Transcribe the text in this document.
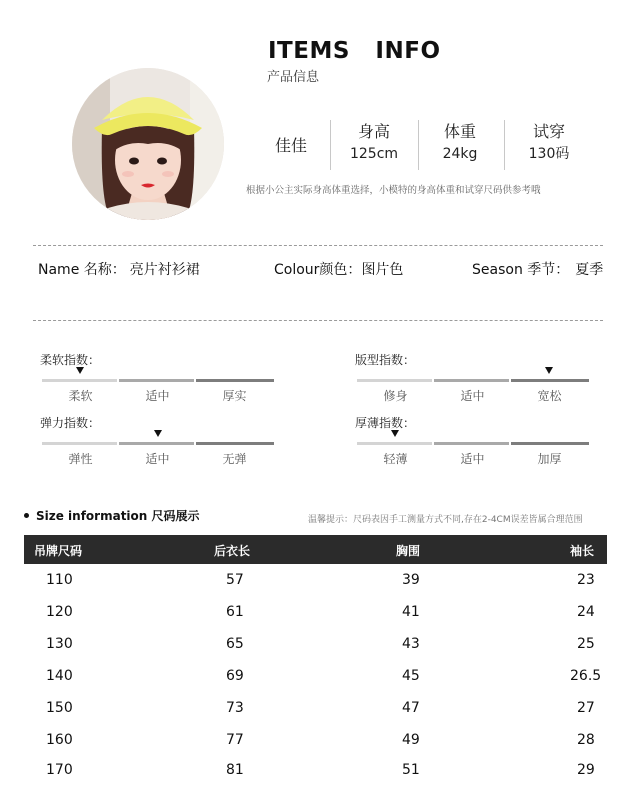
ITEMS   INFO
产品信息
佳佳
身高
125cm
体重
24kg
试穿
130码
根据小公主实际身高体重选择，小模特的身高体重和试穿尺码供参考哦
Name 名称： 亮片衬衫裙	Colour颜色：图片色	Season 季节： 夏季
柔软指数：
柔软	适中	厚实
版型指数：
修身	适中	宽松
弹力指数：
弹性	适中	无弹
厚薄指数：
轻薄	适中	加厚
Size information 尺码展示	温馨提示：尺码表因手工测量方式不同,存在2-4CM误差皆属合理范围
吊牌尺码	后衣长	胸围	袖长
110	57	39	23
120	61	41	24
130	65	43	25
140	69	45	26.5
150	73	47	27
160	77	49	28
170	81	51	29
